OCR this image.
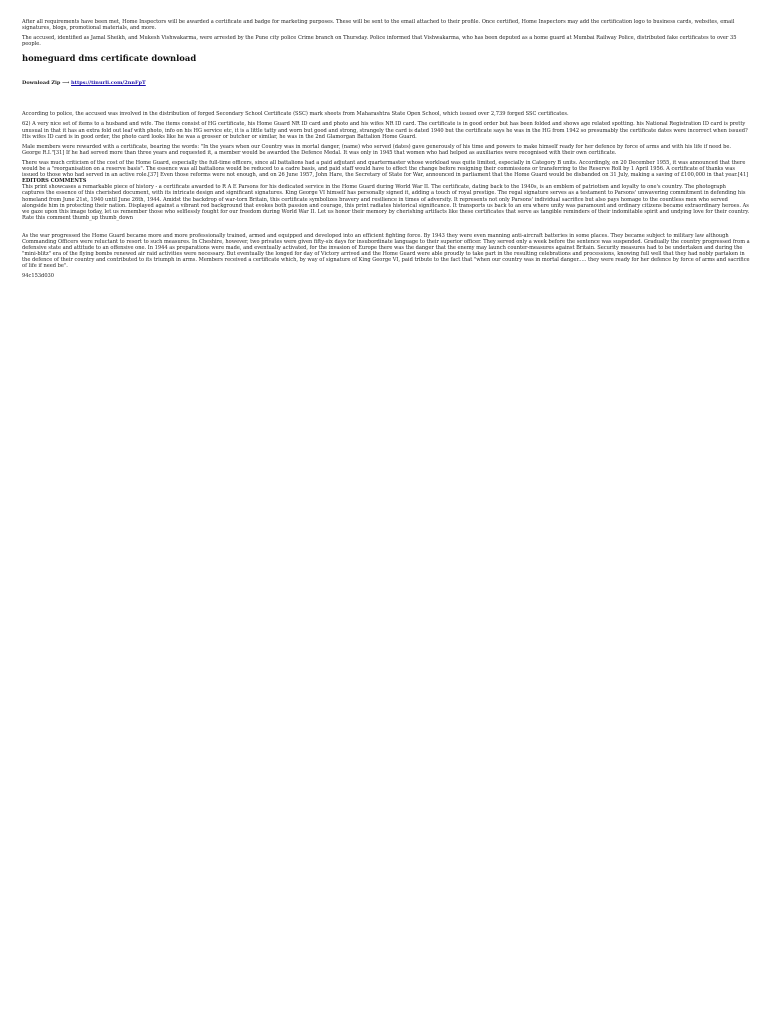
After all requirements have been met, Home Inspectors will be awarded a certificate and badge for marketing purposes. These will be sent to the email attached to their profile. Once certified, Home Inspectors may add the certification logo to business cards, websites, email signatures, blogs, promotional materials, and more.

The accused, identified as Jamal Sheikh, and Mukesh Vishwakarma, were arrested by the Pune city police Crime branch on Thursday. Police informed that Vishwakarma, who has been deputed as a home guard at Mumbai Railway Police, distributed fake certificates to over 35 people.

homeguard dms certificate download
Download Zip ⟶ https://tinurli.com/2nnFpT

According to police, the accused was involved in the distribution of forged Secondary School Certificate (SSC) mark sheets from Maharashtra State Open School, which issued over 2,739 forged SSC certificates.

62) A very nice set of items to a husband and wife. The items consist of HG certificate, his Home Guard NR ID card and photo and his wifes NR ID card. The certificate is in good order but has been folded and shows age related spotting. his National Registration ID card is pretty unusual in that it has an extra fold out leaf with photo, info on his HG service etc, it is a little tatty and worn but good and strong, strangely the card is dated 1940 but the certificate says he was in the HG from 1942 so presumably the certificate dates were incorrect when issued? His wifes ID card is in good order, the photo card looks like he was a grosser or butcher or similar, he was in the 2nd Glamorgan Battalion Home Guard.

Male members were rewarded with a certificate, bearing the words: "In the years when our Country was in mortal danger, (name) who served (dates) gave generously of his time and powers to make himself ready for her defence by force of arms and with his life if need be. George R.I."[31] If he had served more than three years and requested it, a member would be awarded the Defence Medal. It was only in 1945 that women who had helped as auxiliaries were recognised with their own certificate.

There was much criticism of the cost of the Home Guard, especially the full-time officers, since all battalions had a paid adjutant and quartermaster whose workload was quite limited, especially in Category B units. Accordingly, on 20 December 1955, it was announced that there would be a "reorganisation on a reserve basis". The essence was all battalions would be reduced to a cadre basis, and paid staff would have to effect the change before resigning their commissions or transferring to the Reserve Roll by 1 April 1956. A certificate of thanks was issued to those who had served in an active role.[37] Even those reforms were not enough, and on 26 June 1957, John Hare, the Secretary of State for War, announced in parliament that the Home Guard would be disbanded on 31 July, making a saving of £100,000 in that year.[41]

EDITORS COMMENTS

This print showcases a remarkable piece of history - a certificate awarded to R A E Parsons for his dedicated service in the Home Guard during World War II. The certificate, dating back to the 1940s, is an emblem of patriotism and loyalty to one's country. The photograph captures the essence of this cherished document, with its intricate design and significant signatures. King George VI himself has personally signed it, adding a touch of royal prestige. The regal signature serves as a testament to Parsons' unwavering commitment in defending his homeland from June 21st, 1940 until June 26th, 1944. Amidst the backdrop of war-torn Britain, this certificate symbolizes bravery and resilience in times of adversity. It represents not only Parsons' individual sacrifice but also pays homage to the countless men who served alongside him in protecting their nation. Displayed against a vibrant red background that evokes both passion and courage, this print radiates historical significance. It transports us back to an era where unity was paramount and ordinary citizens became extraordinary heroes. As we gaze upon this image today, let us remember those who selflessly fought for our freedom during World War II. Let us honor their memory by cherishing artifacts like these certificates that serve as tangible reminders of their indomitable spirit and undying love for their country.

Rate this comment thumb_up thumb_down

As the war progressed the Home Guard became more and more professionally trained, armed and equipped and developed into an efficient fighting force. By 1943 they were even manning anti-aircraft batteries in some places. They became subject to military law although Commanding Officers were reluctant to resort to such measures. In Cheshire, however, two privates were given fifty-six days for insubordinate language to their superior officer. They served only a week before the sentence was suspended. Gradually the country progressed from a defensive state and attitude to an offensive one. In 1944 as preparations were made, and eventually activated, for the invasion of Europe there was the danger that the enemy may launch counter-measures against Britain. Security measures had to be undertaken and during the "mini-blitz" era of the flying bombs renewed air raid activities were necessary. But eventually the longed for day of Victory arrived and the Home Guard were able proudly to take part in the resulting celebrations and processions, knowing full well that they had nobly partaken in the defence of their country and contributed to its triumph in arms. Members received a certificate which, by way of signature of King George VI, paid tribute to the fact that "when our country was in mortal danger..... they were ready for her defence by force of arms and sacrifice of life if need be".

94c153d030
